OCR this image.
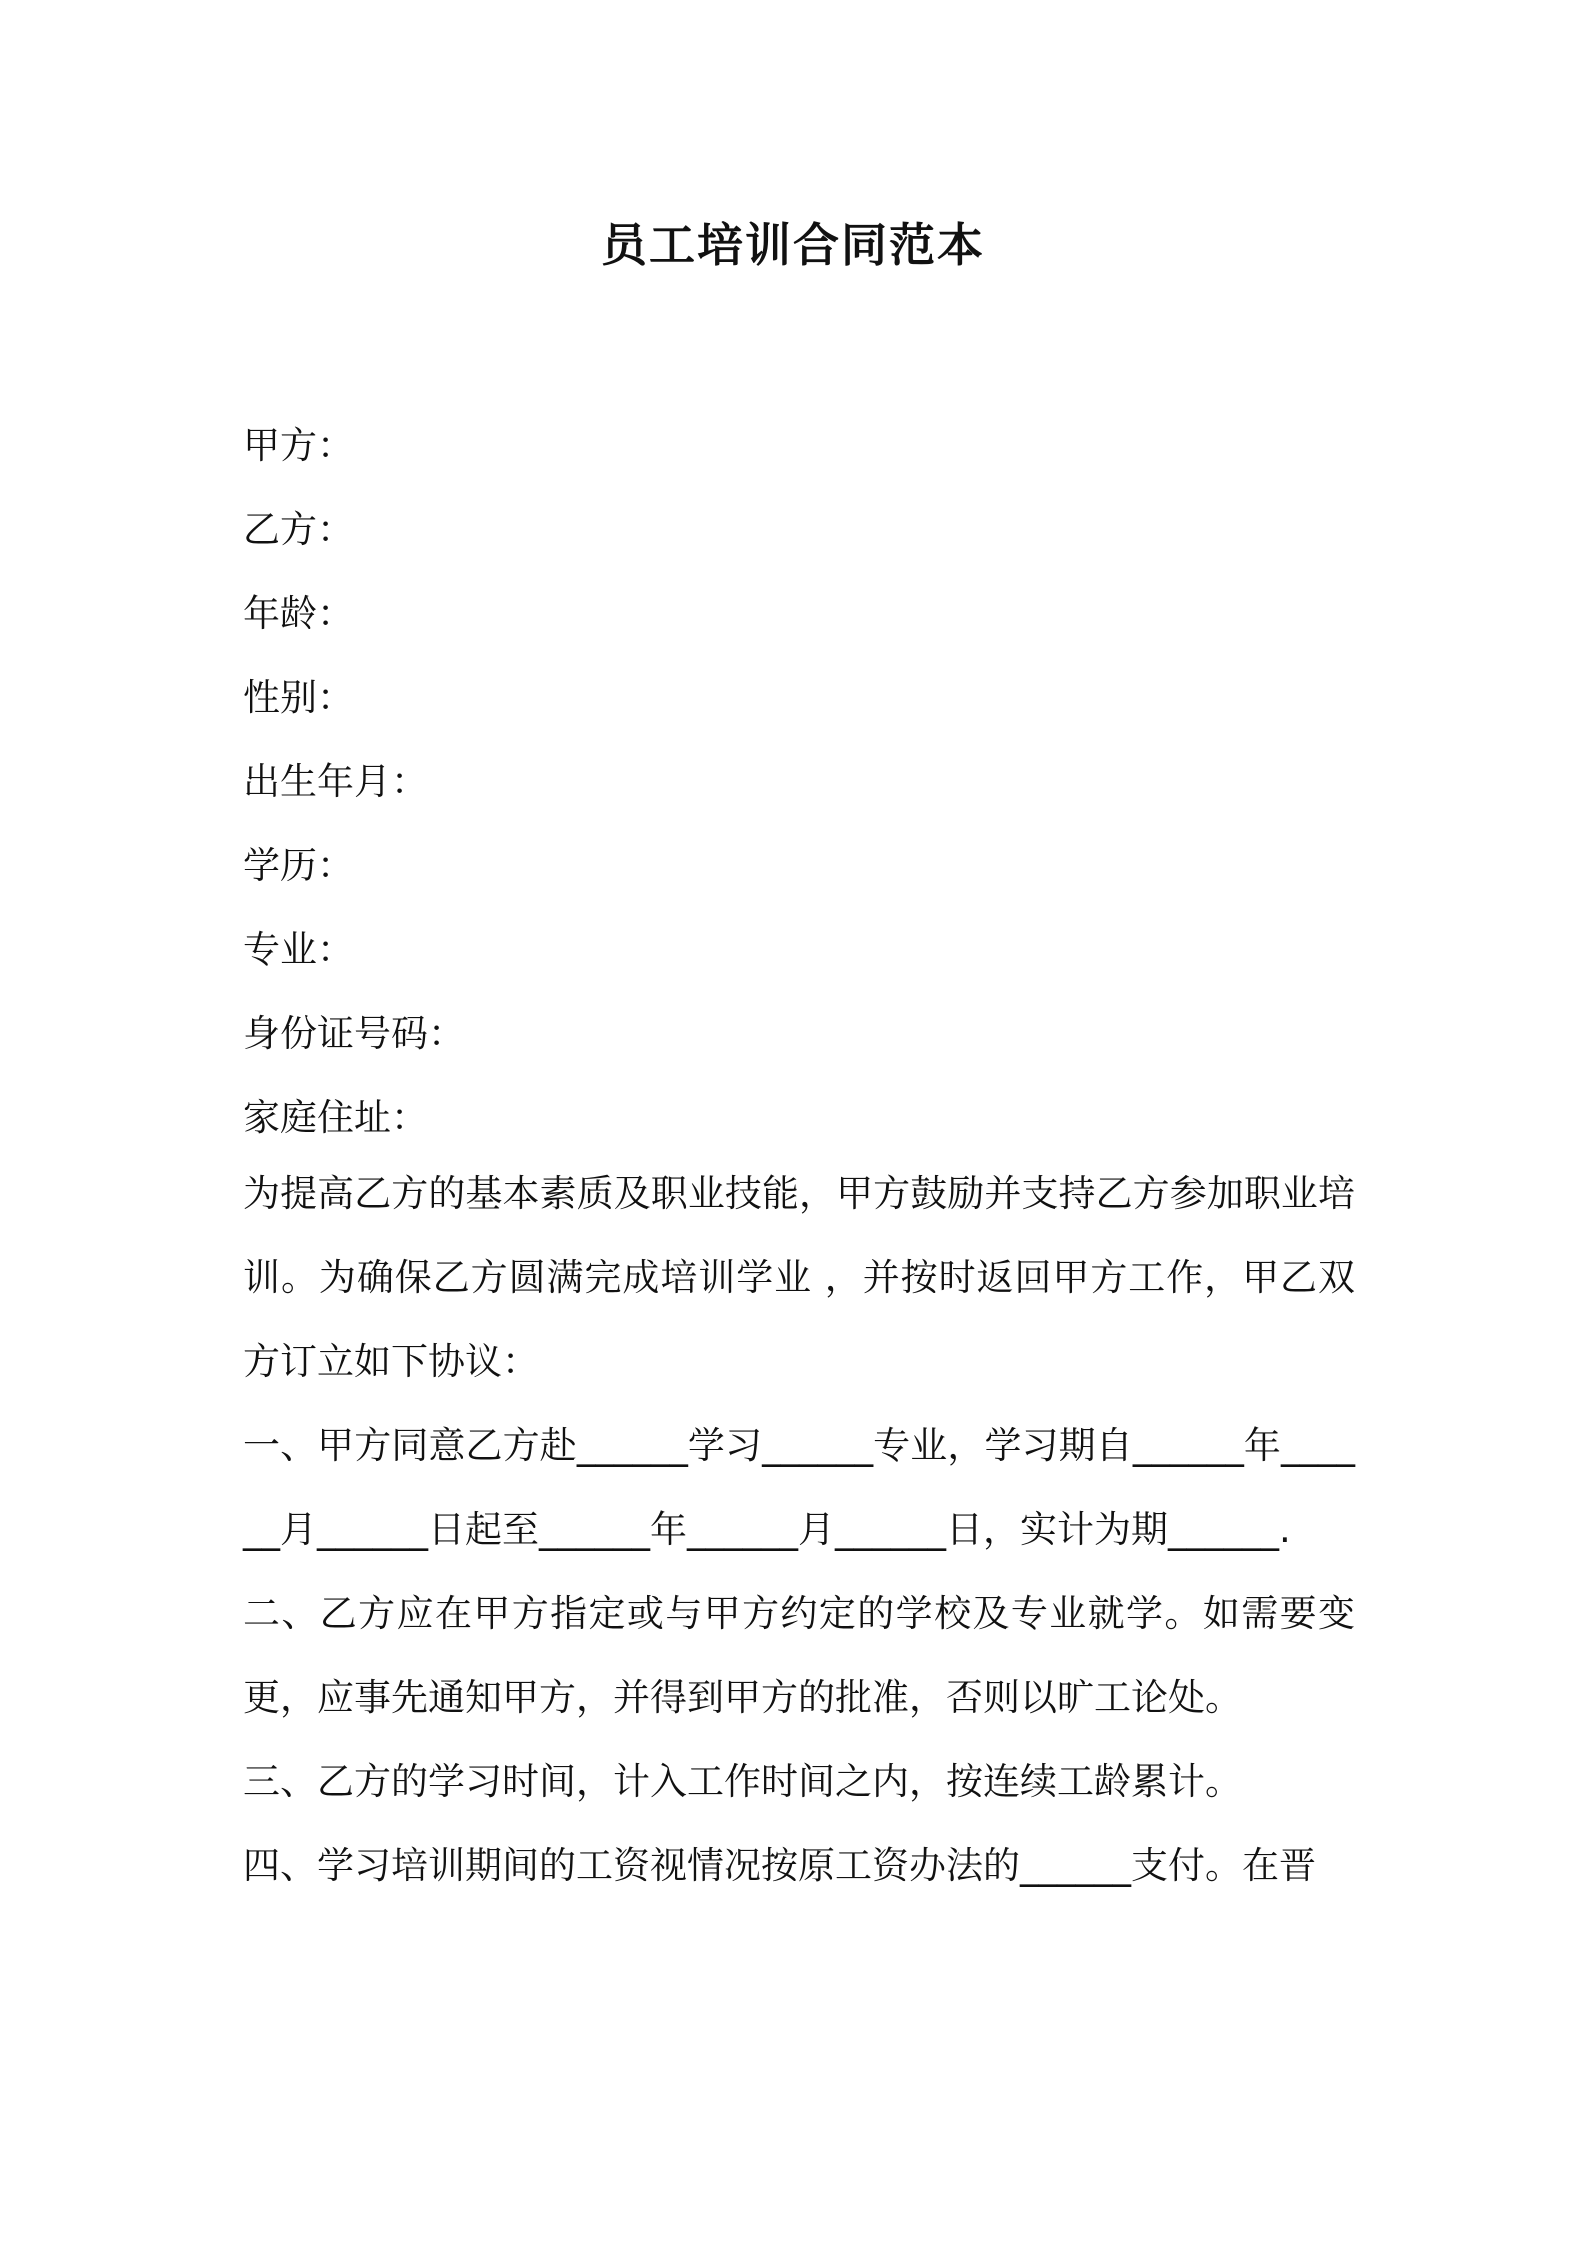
员工培训合同范本
甲方：
乙方：
年龄：
性别：
出生年月：
学历：
专业：
身份证号码：
家庭住址：

为提高乙方的基本素质及职业技能，甲方鼓励并支持乙方参加职业培训。为确保乙方圆满完成培训学业 ，并按时返回甲方工作，甲乙双方订立如下协议：

一、甲方同意乙方赴______学习______专业，学习期自______年______月______日起至______年______月______日，实计为期______.

二、乙方应在甲方指定或与甲方约定的学校及专业就学。如需要变更，应事先通知甲方，并得到甲方的批准，否则以旷工论处。

三、乙方的学习时间，计入工作时间之内，按连续工龄累计。

四、学习培训期间的工资视情况按原工资办法的______支付。在晋
